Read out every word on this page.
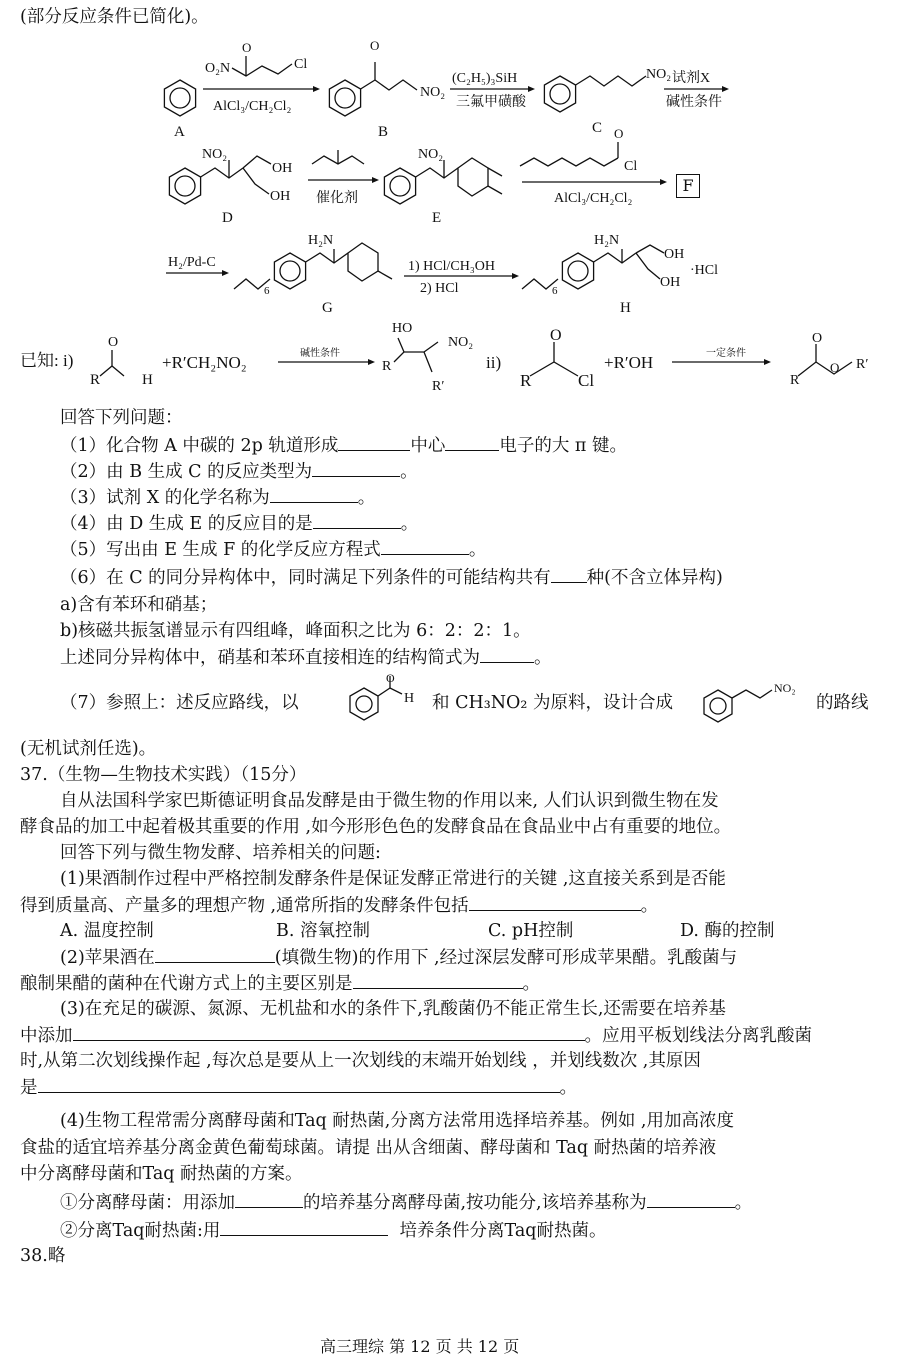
(部分反应条件已简化)。
A
O₂N
O
Cl
AlCl₃/CH₂Cl₂
O
NO₂
B
(C₂H₅)₃SiH
三氟甲磺酸
NO₂
C
试剂X
碱性条件
NO₂
OH
OH
D
催化剂
NO₂
E
Cl
O
AlCl₃/CH₂Cl₂
H₂/Pd-C
6
H₂N
G
1) HCl/CH₃OH
2) HCl	6
H₂N
OH
OH
·HCl
H
F
已知: i)
O
R	H
+R′CH₂NO₂	碱性条件
HO
R
NO₂
R′
ii)
O
R	Cl
+R′OH	一定条件
O
R
O R′
回答下列问题：
（1）化合物 A 中碳的 2p 轨道形成	中心	电子的大 π 键。
（2）由 B 生成 C 的反应类型为	。
（3）试剂 X 的化学名称为	。
（4）由 D 生成 E 的反应目的是	。
（5）写出由 E 生成 F 的化学反应方程式	。
（6）在 C 的同分异构体中，同时满足下列条件的可能结构共有 种(不含立体异构)
a)含有苯环和硝基；
b)核磁共振氢谱显示有四组峰，峰面积之比为 6：2：2：1。
上述同分异构体中，硝基和苯环直接相连的结构简式为	。
（7）参照上：述反应路线，以
O
H 和 CH₃NO₂ 为原料，设计合成
NO₂
的路线
(无机试剂任选)。
37.（生物—生物技术实践）（15分）
自从法国科学家巴斯德证明食品发酵是由于微生物的作用以来, 人们认识到微生物在发
酵食品的加工中起着极其重要的作用 ,如今形形色色的发酵食品在食品业中占有重要的地位。
回答下列与微生物发酵、培养相关的问题:
(1)果酒制作过程中严格控制发酵条件是保证发酵正常进行的关键 ,这直接关系到是否能
得到质量高、产量多的理想产物 ,通常所指的发酵条件包括	。
A. 温度控制	B. 溶氧控制	C. pH控制	D. 酶的控制
(2)苹果酒在	(填微生物)的作用下 ,经过深层发酵可形成苹果醋。乳酸菌与
酿制果醋的菌种在代谢方式上的主要区别是	。
(3)在充足的碳源、氮源、无机盐和水的条件下,乳酸菌仍不能正常生长,还需要在培养基
中添加	。应用平板划线法分离乳酸菌
时,从第二次划线操作起 ,每次总是要从上一次划线的末端开始划线 ，并划线数次 ,其原因
是	。
(4)生物工程常需分离酵母菌和Taq 耐热菌,分离方法常用选择培养基。例如 ,用加高浓度
食盐的适宜培养基分离金黄色葡萄球菌。请提 出从含细菌、酵母菌和 Taq 耐热菌的培养液
中分离酵母菌和Taq 耐热菌的方案。
①分离酵母菌：用添加	的培养基分离酵母菌,按功能分,该培养基称为	。
②分离Taq耐热菌:用	培养条件分离Taq耐热菌。
38.略
高三理综 第 12 页 共 12 页
